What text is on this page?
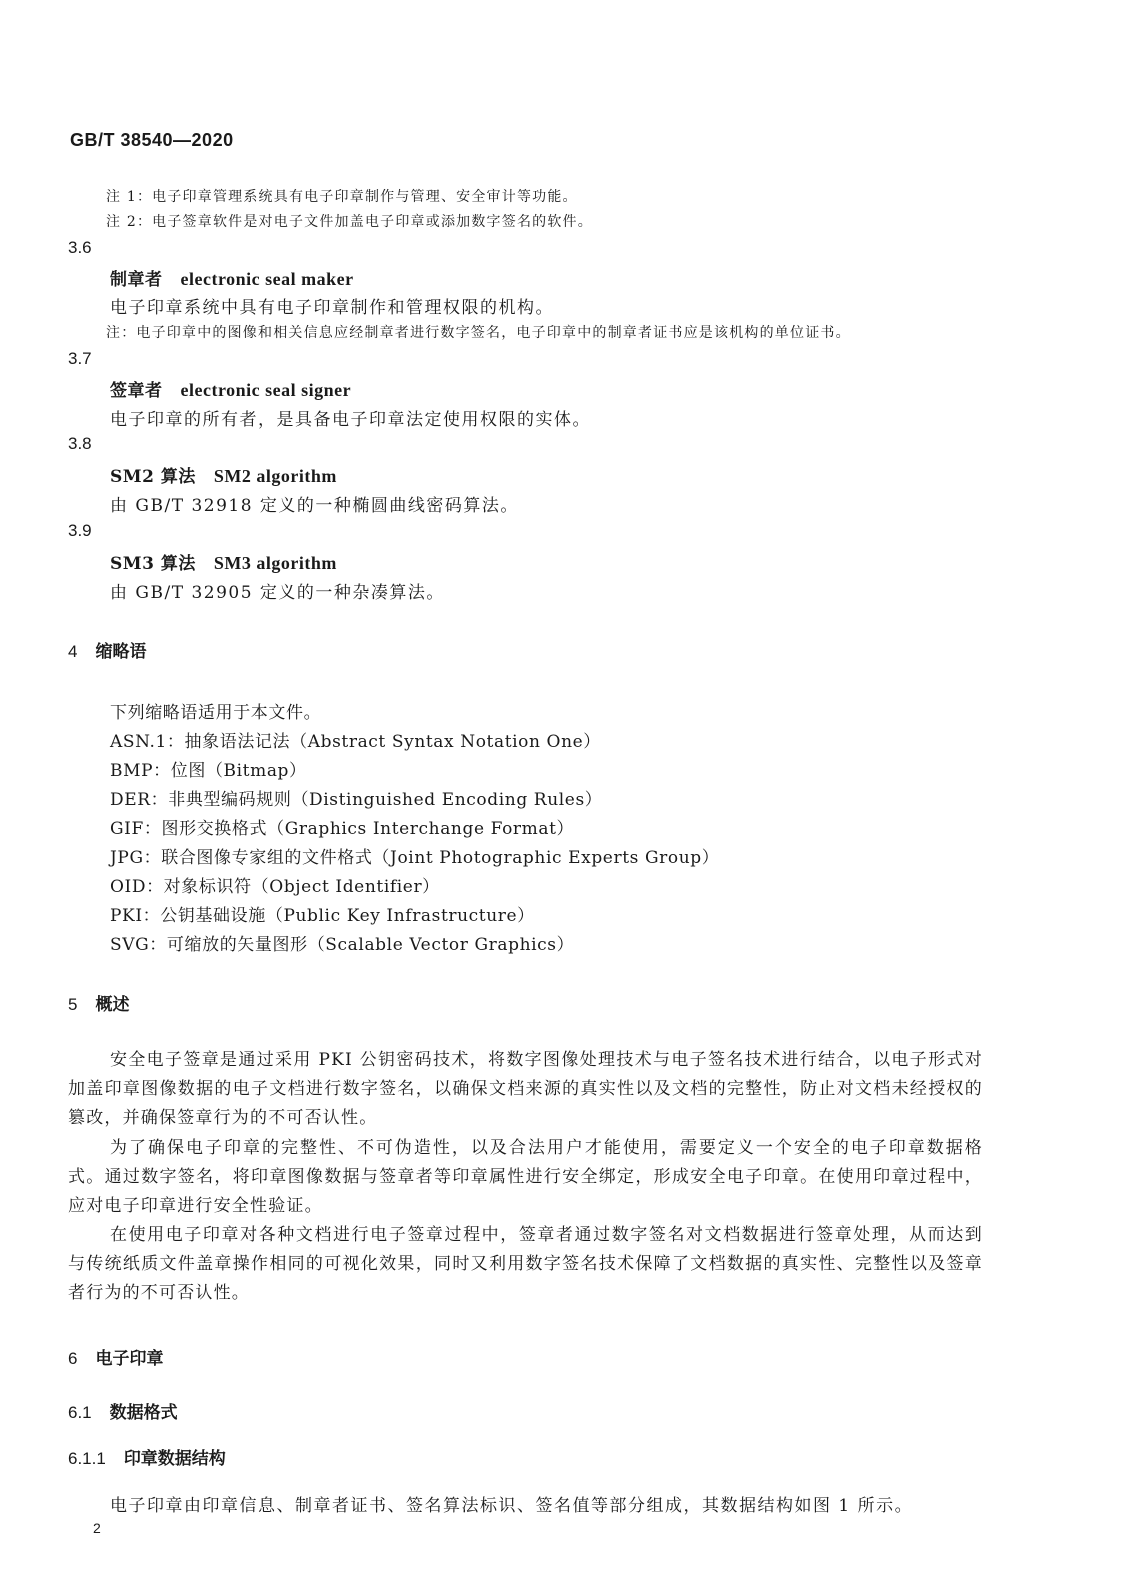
GB/T 38540—2020
注 1：电子印章管理系统具有电子印章制作与管理、安全审计等功能。
注 2：电子签章软件是对电子文件加盖电子印章或添加数字签名的软件。
3.6
制章者 electronic seal maker
电子印章系统中具有电子印章制作和管理权限的机构。
注：电子印章中的图像和相关信息应经制章者进行数字签名，电子印章中的制章者证书应是该机构的单位证书。
3.7
签章者 electronic seal signer
电子印章的所有者，是具备电子印章法定使用权限的实体。
3.8
SM2 算法 SM2 algorithm
由 GB/T 32918 定义的一种椭圆曲线密码算法。
3.9
SM3 算法 SM3 algorithm
由 GB/T 32905 定义的一种杂凑算法。
4 缩略语
下列缩略语适用于本文件。
ASN.1：抽象语法记法（Abstract Syntax Notation One）
BMP：位图（Bitmap）
DER：非典型编码规则（Distinguished Encoding Rules）
GIF：图形交换格式（Graphics Interchange Format）
JPG：联合图像专家组的文件格式（Joint Photographic Experts Group）
OID：对象标识符（Object Identifier）
PKI：公钥基础设施（Public Key Infrastructure）
SVG：可缩放的矢量图形（Scalable Vector Graphics）
5 概述
安全电子签章是通过采用 PKI 公钥密码技术，将数字图像处理技术与电子签名技术进行结合，以电子形式对加盖印章图像数据的电子文档进行数字签名，以确保文档来源的真实性以及文档的完整性，防止对文档未经授权的篡改，并确保签章行为的不可否认性。
为了确保电子印章的完整性、不可伪造性，以及合法用户才能使用，需要定义一个安全的电子印章数据格式。通过数字签名，将印章图像数据与签章者等印章属性进行安全绑定，形成安全电子印章。在使用印章过程中，应对电子印章进行安全性验证。
在使用电子印章对各种文档进行电子签章过程中，签章者通过数字签名对文档数据进行签章处理，从而达到与传统纸质文件盖章操作相同的可视化效果，同时又利用数字签名技术保障了文档数据的真实性、完整性以及签章者行为的不可否认性。
6 电子印章
6.1 数据格式
6.1.1 印章数据结构
电子印章由印章信息、制章者证书、签名算法标识、签名值等部分组成，其数据结构如图 1 所示。
2
